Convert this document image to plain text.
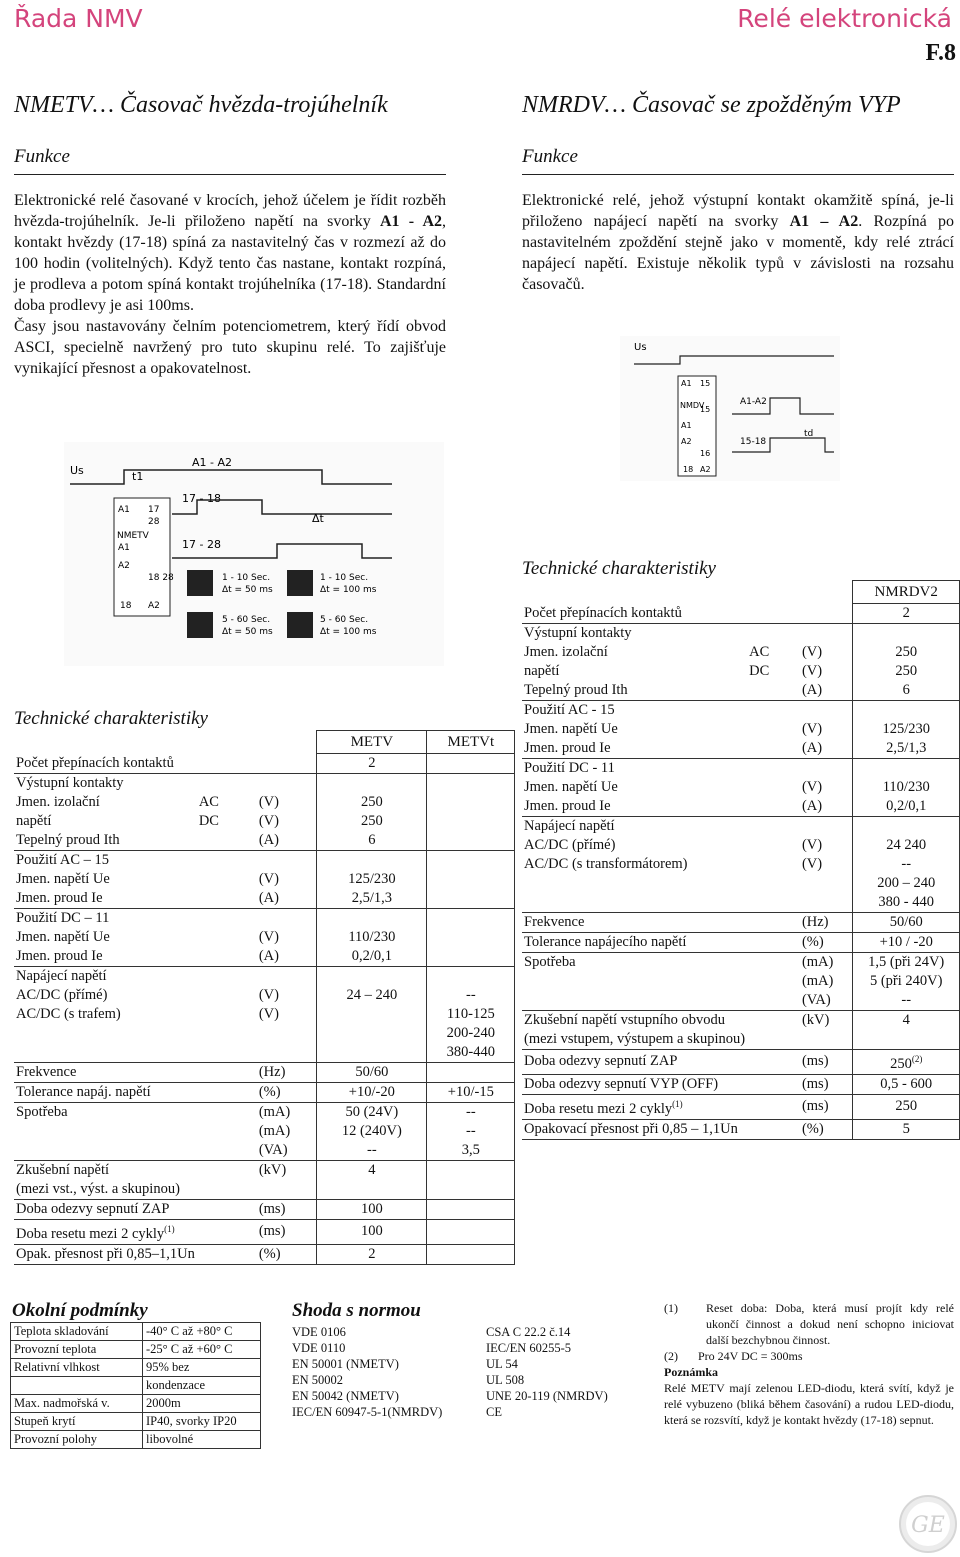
Řada NMV	Relé elektronická
F.8
NMETV… Časovač hvězda-trojúhelník
Funkce
Elektronické relé časované v krocích, jehož účelem je řídit rozběh hvězda-trojúhelník. Je-li přiloženo napětí na svorky A1 - A2, kontakt hvězdy (17-18) spíná za nastavitelný čas v rozmezí až do 100 hodin (volitelných). Když tento čas nastane, kontakt rozpíná, je prodleva a potom spíná kontakt trojúhelníka (17-18). Standardní doba prodlevy je asi 100ms.
Časy jsou nastavovány čelním potenciometrem, který řídí obvod ASCI, specielně navržený pro tuto skupinu relé. To zajišťuje vynikající přesnost a opakovatelnost.
Us	t1
A1 - A2
17 - 18
Δt
17 - 28
A1 17
28
NMETV
A1
A2
18 28
18 A2
1 - 10 Sec.
Δt = 50 ms
1 - 10 Sec.
Δt = 100 ms
5 - 60 Sec.
Δt = 50 ms
5 - 60 Sec.
Δt = 100 ms
Technické charakteristiky
			METV	METVt
Počet přepínacích kontaktů			2	
Výstupní kontakty				
Jmen. izolační	AC	(V)	250	
napětí	DC	(V)	250	
Tepelný proud Ith		(A)	6	
Použití AC – 15				
Jmen. napětí Ue		(V)	125/230	
Jmen. proud Ie		(A)	2,5/1,3	
Použití DC – 11				
Jmen. napětí Ue		(V)	110/230	
Jmen. proud Ie		(A)	0,2/0,1	
Napájecí napětí				
AC/DC (přímé)		(V)	24 – 240	--
AC/DC (s trafem)		(V)		110-125
				200-240
				380-440
Frekvence		(Hz)	50/60	
Tolerance napáj. napětí		(%)	+10/-20	+10/-15
Spotřeba		(mA)	50 (24V)	--
		(mA)	12 (240V)	--
		(VA)	--	3,5
Zkušební napětí		(kV)	4	
(mezi vst., výst. a skupinou)				
Doba odezvy sepnutí ZAP		(ms)	100	
Doba resetu mezi 2 cykly$^{(1)}$		(ms)	100	
Opak. přesnost při 0,85–1,1Un		(%)	2	
NMRDV… Časovač se zpožděným VYP
Funkce
Elektronické relé, jehož výstupní kontakt okamžitě spíná, je-li přiloženo napájecí napětí na svorky A1 – A2. Rozpíná po nastavitelném zpoždění stejně jako v momentě, kdy relé ztrácí napájecí napětí. Existuje několik typů v závislosti na rozsahu časovačů.
Us
A1-A2
15-18
td
A1 15
NMDV
A1
15
A2
16
18 A2
Technické charakteristiky
			NMRDV2
Počet přepínacích kontaktů			2
Výstupní kontakty			
Jmen. izolační	AC	(V)	250
napětí	DC	(V)	250
Tepelný proud Ith		(A)	6
Použití AC - 15			
Jmen. napětí Ue		(V)	125/230
Jmen. proud Ie		(A)	2,5/1,3
Použití DC - 11			
Jmen. napětí Ue		(V)	110/230
Jmen. proud Ie		(A)	0,2/0,1
Napájecí napětí			
AC/DC (přímé)		(V)	24 240
AC/DC (s transformátorem)		(V)	--
			200 – 240
			380 - 440
Frekvence		(Hz)	50/60
Tolerance napájecího napětí		(%)	+10 / -20
Spotřeba		(mA)	1,5 (při 24V)
		(mA)	5 (při 240V)
		(VA)	--
Zkušební napětí vstupního obvodu		(kV)	4
(mezi vstupem, výstupem a skupinou)			
Doba odezvy sepnutí ZAP		(ms)	250$^{(2)}$
Doba odezvy sepnutí VYP (OFF)		(ms)	0,5 - 600
Doba resetu mezi 2 cykly$^{(1)}$		(ms)	250
Opakovací přesnost při 0,85 – 1,1Un		(%)	5
Okolní podmínky
Teplota skladování	-40° C až +80° C
Provozní teplota	-25° C až +60° C
Relativní vlhkost	95% bez
	kondenzace
Max. nadmořská v.	2000m
Stupeň krytí	IP40, svorky IP20
Provozní polohy	libovolné
Shoda s normou
VDE 0106
VDE 0110
EN 50001 (NMETV)
EN 50002
EN 50042 (NMETV)
IEC/EN 60947-5-1(NMRDV)
CSA C 22.2 č.14
IEC/EN 60255-5
UL 54
UL 508
UNE 20-119 (NMRDV)
CE
(1)	Reset doba: Doba, která musí projít kdy relé ukončí činnost a dokud není schopno iniciovat další bezchybnou činnost.
(2)	Pro 24V DC = 300ms
Poznámka
Relé METV mají zelenou LED-diodu, která svítí, když je relé vybuzeno (bliká během časování) a rudou LED-diodu, která se rozsvítí, když je kontakt hvězdy (17-18) sepnut.
GE
